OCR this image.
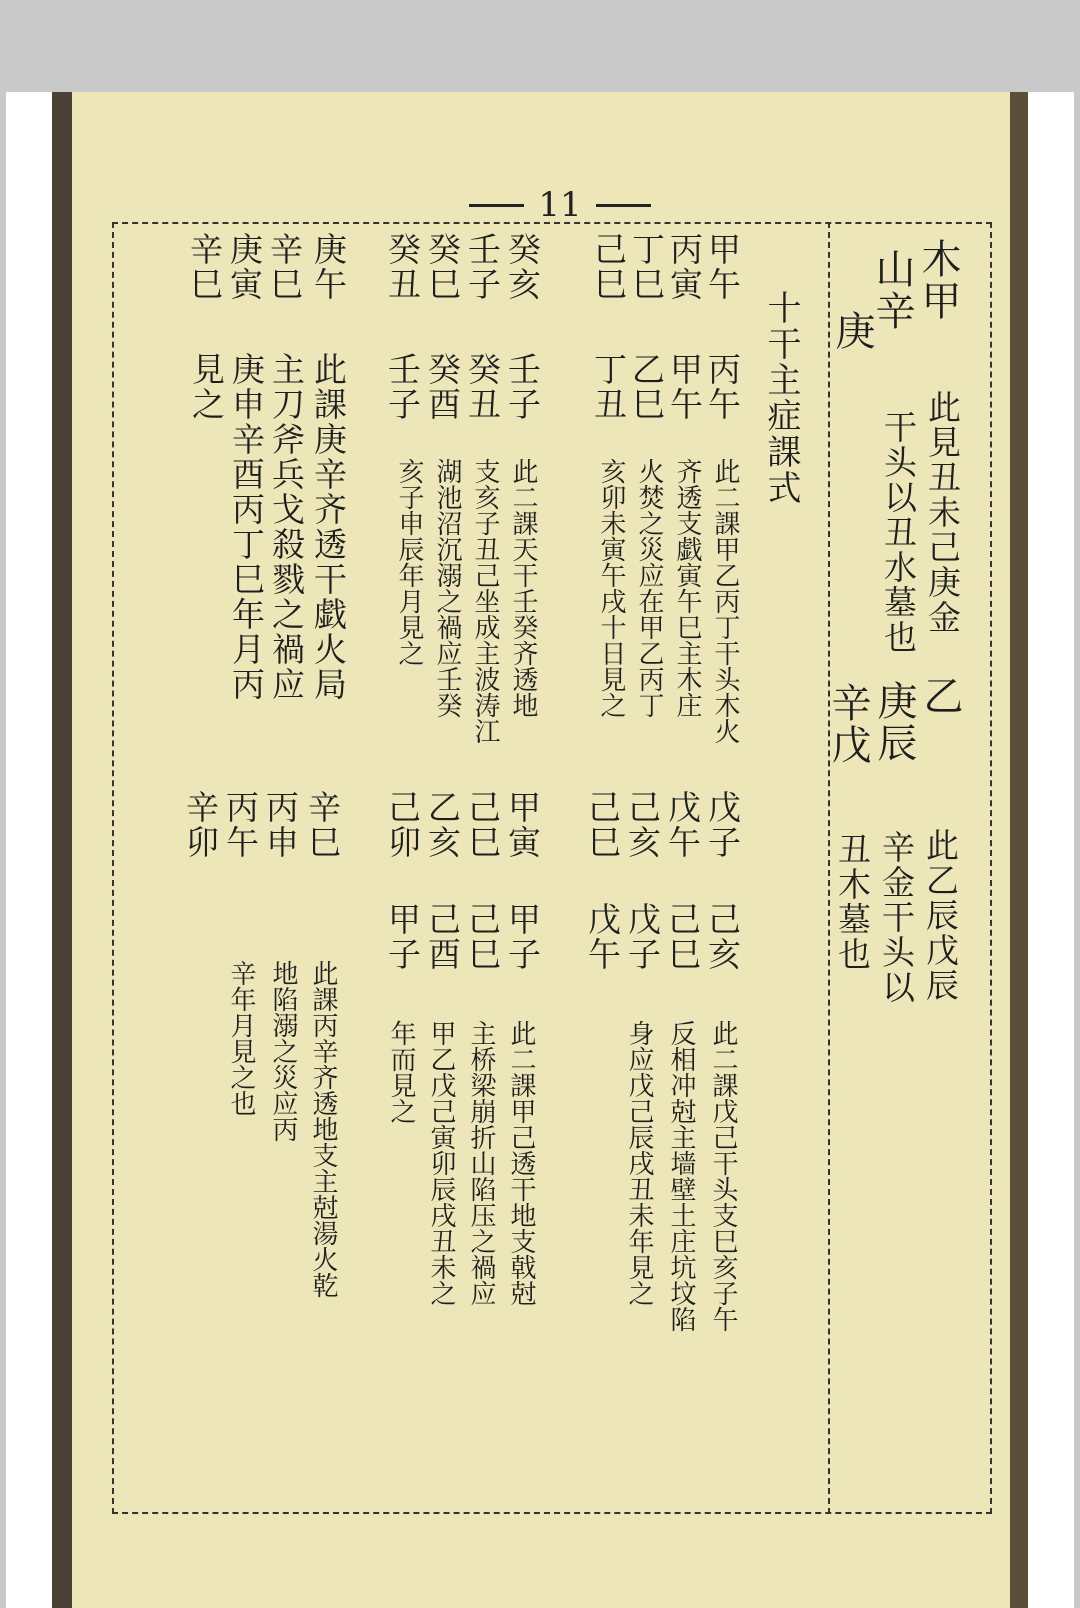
11
木甲
山辛
庚
此見丑未己庚金
干头以丑水墓也
乙
庚辰
辛戊
此乙辰戊辰
辛金干头以
丑木墓也
十干主症課式
甲午
丙寅
丁巳
己巳
丙午
甲午
乙巳
丁丑
此二課甲乙丙丁干头木火
齐透支戯寅午巳主木庄
火焚之災应在甲乙丙丁
亥卯未寅午戌十日見之
癸亥
壬子
癸巳
癸丑
壬子
癸丑
癸酉
壬子
此二課天干壬癸齐透地
支亥子丑己坐成主波涛江
湖池沼沉溺之禍应壬癸
亥子申辰年月見之
庚午
辛巳
庚寅
辛巳
此課庚辛齐透干戯火局
主刀斧兵戈殺戮之禍应
庚申辛酉丙丁巳年月丙
見之
戊子
戊午
己亥
己巳
己亥
己巳
戊子
戊午
此二課戊己干头支巳亥子午
反相冲尅主墙壁土庄坑坟陷
身应戊己辰戌丑未年見之
甲寅
己巳
乙亥
己卯
甲子
己巳
己酉
甲子
此二課甲己透干地支戟尅
主桥梁崩折山陷压之禍应
甲乙戊己寅卯辰戌丑未之
年而見之
辛巳
丙申
丙午
辛卯
此課丙辛齐透地支主尅湯火乾
地陷溺之災应丙
辛年月見之也
